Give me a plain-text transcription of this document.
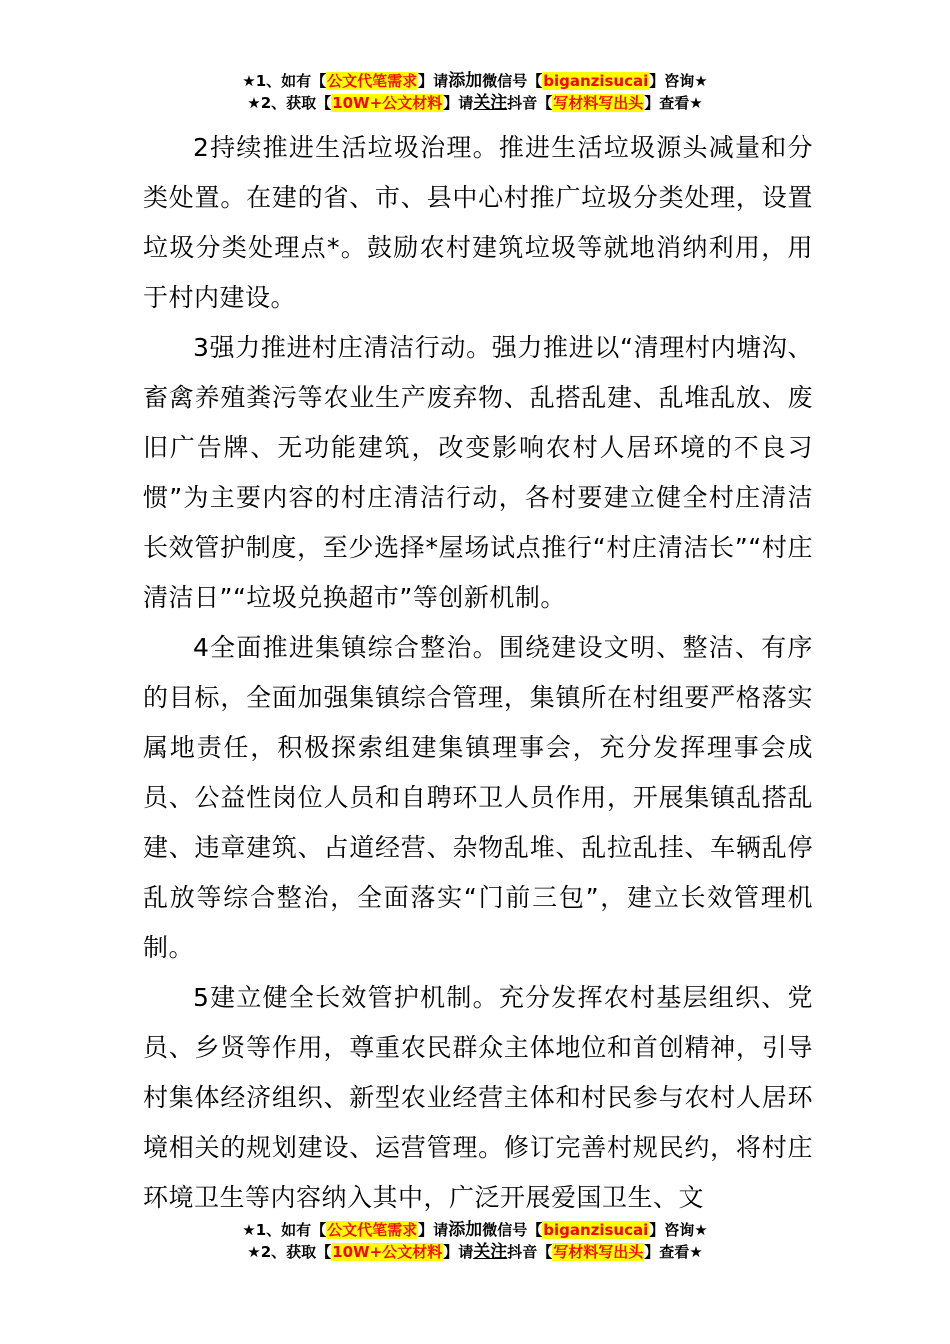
★1、如有【公文代笔需求】请添加微信号【biganzisucai】咨询★
★2、获取【10W+公文材料】请关注抖音【写材料写出头】查看★

2持续推进生活垃圾治理。推进生活垃圾源头减量和分类处置。在建的省、市、县中心村推广垃圾分类处理，设置垃圾分类处理点*。鼓励农村建筑垃圾等就地消纳利用，用于村内建设。

3强力推进村庄清洁行动。强力推进以“清理村内塘沟、畜禽养殖粪污等农业生产废弃物、乱搭乱建、乱堆乱放、废旧广告牌、无功能建筑，改变影响农村人居环境的不良习惯”为主要内容的村庄清洁行动，各村要建立健全村庄清洁长效管护制度，至少选择*屋场试点推行“村庄清洁长”“村庄清洁日”“垃圾兑换超市”等创新机制。

4全面推进集镇综合整治。围绕建设文明、整洁、有序的目标，全面加强集镇综合管理，集镇所在村组要严格落实属地责任，积极探索组建集镇理事会，充分发挥理事会成员、公益性岗位人员和自聘环卫人员作用，开展集镇乱搭乱建、违章建筑、占道经营、杂物乱堆、乱拉乱挂、车辆乱停乱放等综合整治，全面落实“门前三包”，建立长效管理机制。

5建立健全长效管护机制。充分发挥农村基层组织、党员、乡贤等作用，尊重农民群众主体地位和首创精神，引导村集体经济组织、新型农业经营主体和村民参与农村人居环境相关的规划建设、运营管理。修订完善村规民约，将村庄环境卫生等内容纳入其中，广泛开展爱国卫生、文

★1、如有【公文代笔需求】请添加微信号【biganzisucai】咨询★
★2、获取【10W+公文材料】请关注抖音【写材料写出头】查看★
